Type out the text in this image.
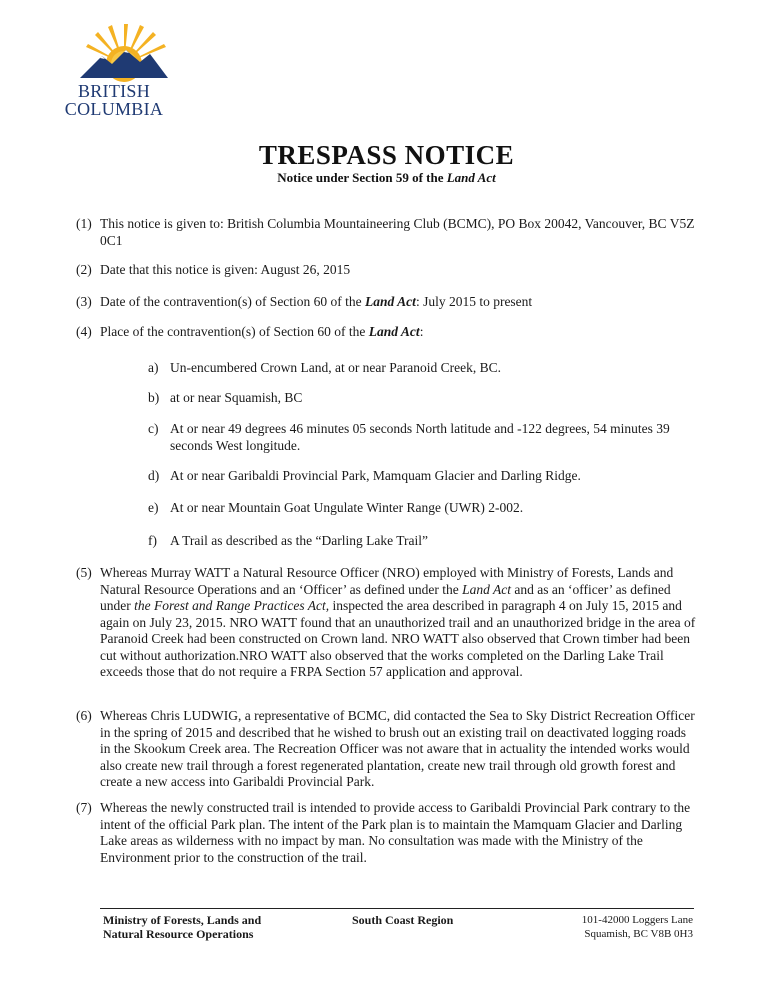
BRITISH
COLUMBIA
TRESPASS NOTICE
Notice under Section 59 of the Land Act
(1) This notice is given to: British Columbia Mountaineering Club (BCMC), PO Box 20042, Vancouver, BC V5Z 0C1
(2) Date that this notice is given: August 26, 2015
(3) Date of the contravention(s) of Section 60 of the Land Act: July 2015 to present
(4) Place of the contravention(s) of Section 60 of the Land Act:
a) Un-encumbered Crown Land, at or near Paranoid Creek, BC.
b) at or near Squamish, BC
c) At or near 49 degrees 46 minutes 05 seconds North latitude and -122 degrees, 54 minutes 39 seconds West longitude.
d) At or near Garibaldi Provincial Park, Mamquam Glacier and Darling Ridge.
e) At or near Mountain Goat Ungulate Winter Range (UWR) 2-002.
f) A Trail as described as the “Darling Lake Trail”
(5) Whereas Murray WATT a Natural Resource Officer (NRO) employed with Ministry of Forests, Lands and Natural Resource Operations and an ‘Officer’ as defined under the Land Act and as an ‘officer’ as defined under the Forest and Range Practices Act, inspected the area described in paragraph 4 on July 15, 2015 and again on July 23, 2015. NRO WATT found that an unauthorized trail and an unauthorized bridge in the area of Paranoid Creek had been constructed on Crown land. NRO WATT also observed that Crown timber had been cut without authorization.NRO WATT also observed that the works completed on the Darling Lake Trail exceeds those that do not require a FRPA Section 57 application and approval.
(6) Whereas Chris LUDWIG, a representative of BCMC, did contacted the Sea to Sky District Recreation Officer in the spring of 2015 and described that he wished to brush out an existing trail on deactivated logging roads in the Skookum Creek area. The Recreation Officer was not aware that in actuality the intended works would also create new trail through a forest regenerated plantation, create new trail through old growth forest and create a new access into Garibaldi Provincial Park.
(7) Whereas the newly constructed trail is intended to provide access to Garibaldi Provincial Park contrary to the intent of the official Park plan. The intent of the Park plan is to maintain the Mamquam Glacier and Darling Lake areas as wilderness with no impact by man. No consultation was made with the Ministry of the Environment prior to the construction of the trail.
Ministry of Forests, Lands and
Natural Resource Operations
South Coast Region	101-42000 Loggers Lane
Squamish, BC V8B 0H3
